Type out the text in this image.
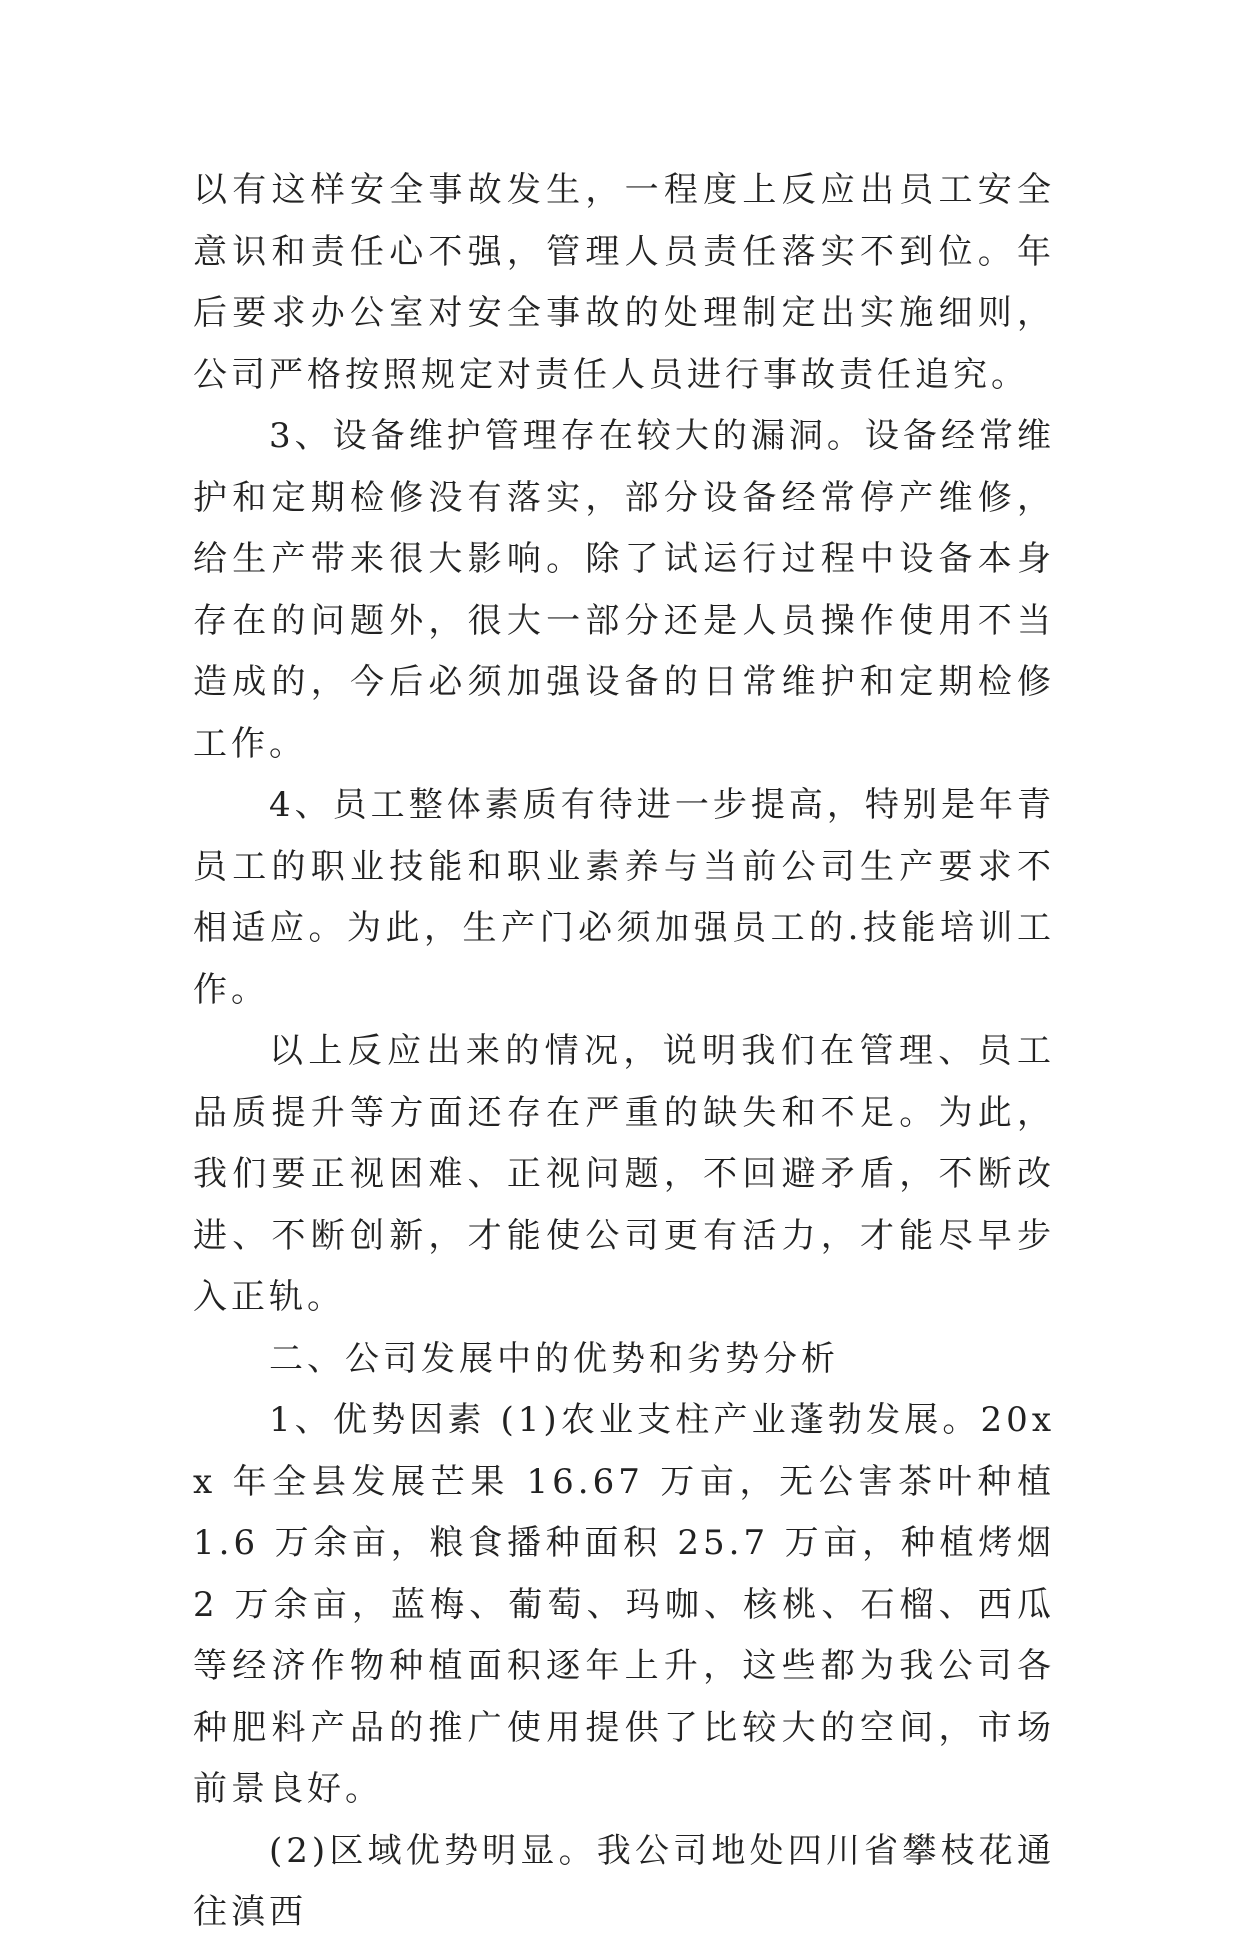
以有这样安全事故发生，一程度上反应出员工安全意识和责任心不强，管理人员责任落实不到位。年后要求办公室对安全事故的处理制定出实施细则，公司严格按照规定对责任人员进行事故责任追究。

3、设备维护管理存在较大的漏洞。设备经常维护和定期检修没有落实，部分设备经常停产维修，给生产带来很大影响。除了试运行过程中设备本身存在的问题外，很大一部分还是人员操作使用不当造成的，今后必须加强设备的日常维护和定期检修工作。

4、员工整体素质有待进一步提高，特别是年青员工的职业技能和职业素养与当前公司生产要求不相适应。为此，生产门必须加强员工的.技能培训工作。

以上反应出来的情况，说明我们在管理、员工品质提升等方面还存在严重的缺失和不足。为此，我们要正视困难、正视问题，不回避矛盾，不断改进、不断创新，才能使公司更有活力，才能尽早步入正轨。

二、公司发展中的优势和劣势分析

1、优势因素 (1)农业支柱产业蓬勃发展。20xx 年全县发展芒果 16.67 万亩，无公害茶叶种植 1.6 万余亩，粮食播种面积 25.7 万亩，种植烤烟 2 万余亩，蓝梅、葡萄、玛咖、核桃、石榴、西瓜等经济作物种植面积逐年上升，这些都为我公司各种肥料产品的推广使用提供了比较大的空间，市场前景良好。

(2)区域优势明显。我公司地处四川省攀枝花通往滇西
